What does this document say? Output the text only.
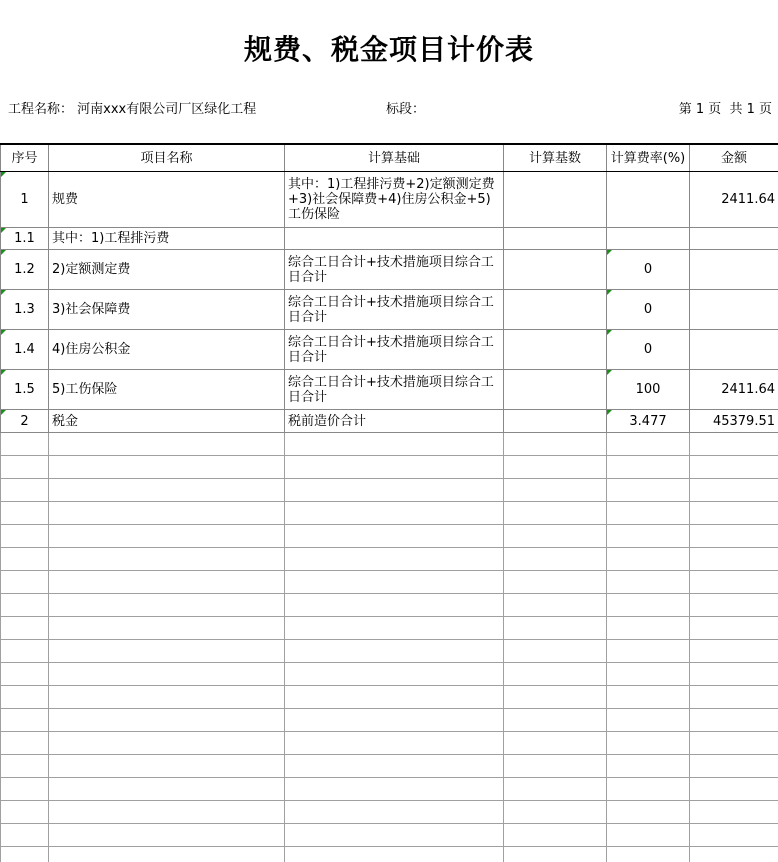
规费、税金项目计价表
工程名称： 河南xxx有限公司厂区绿化工程	标段：	第 1 页 共 1 页
序号	项目名称	计算基础	计算基数	计算费率(%)	金额
1	规费	其中：1)工程排污费+2)定额测定费+3)社会保障费+4)住房公积金+5)工伤保险			2411.64
1.1	其中：1)工程排污费				
1.2	2)定额测定费	综合工日合计+技术措施项目综合工日合计		0	
1.3	3)社会保障费	综合工日合计+技术措施项目综合工日合计		0	
1.4	4)住房公积金	综合工日合计+技术措施项目综合工日合计		0	
1.5	5)工伤保险	综合工日合计+技术措施项目综合工日合计		100	2411.64
2	税金	税前造价合计		3.477	45379.51
